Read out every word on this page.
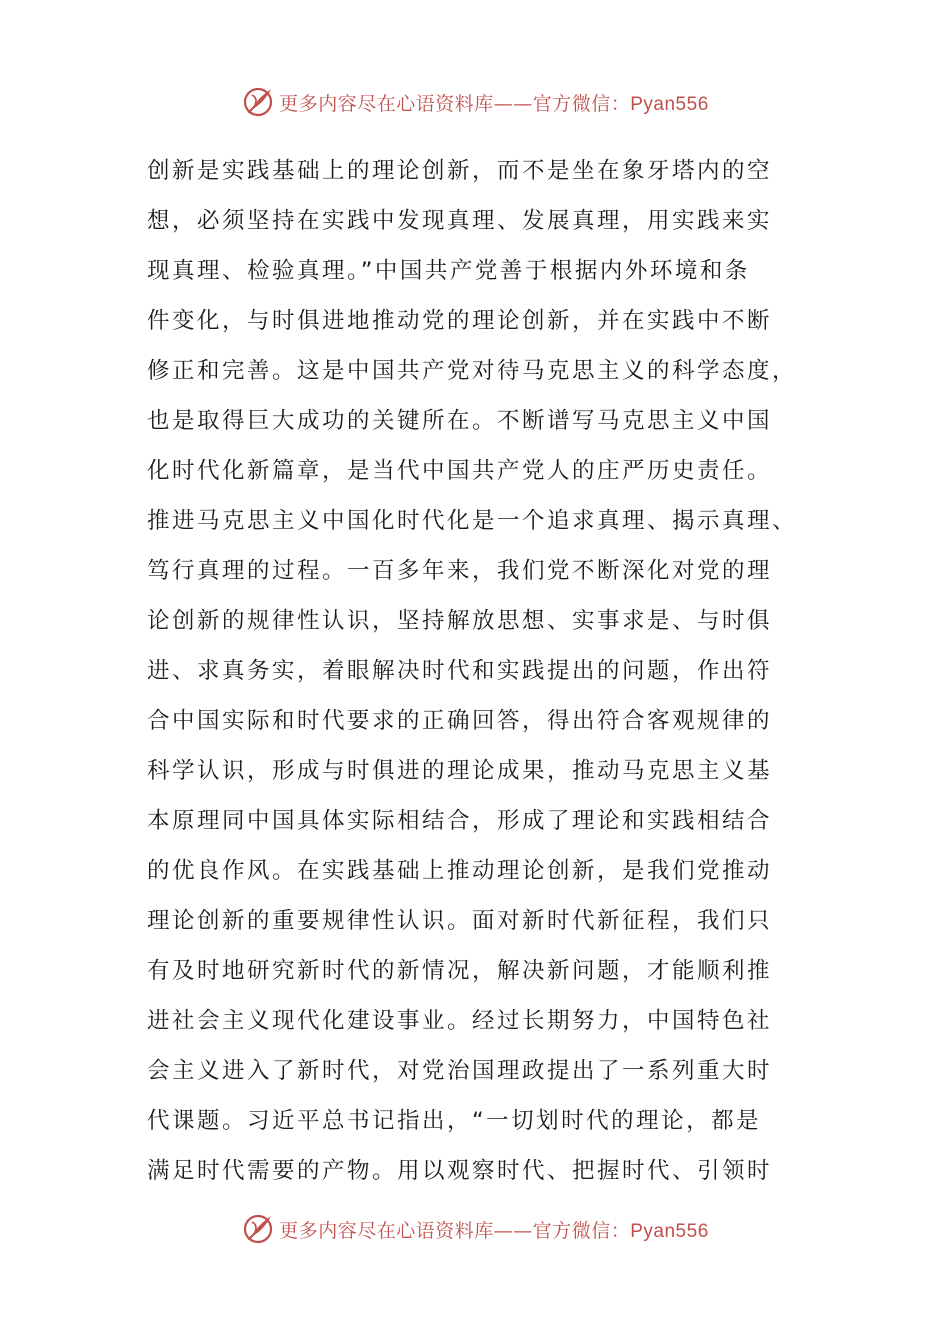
更多内容尽在心语资料库——官方微信：Pyan556
创新是实践基础上的理论创新，而不是坐在象牙塔内的空
想，必须坚持在实践中发现真理、发展真理，用实践来实
现真理、检验真理。”中国共产党善于根据内外环境和条
件变化，与时俱进地推动党的理论创新，并在实践中不断
修正和完善。这是中国共产党对待马克思主义的科学态度，
也是取得巨大成功的关键所在。不断谱写马克思主义中国
化时代化新篇章，是当代中国共产党人的庄严历史责任。
推进马克思主义中国化时代化是一个追求真理、揭示真理、
笃行真理的过程。一百多年来，我们党不断深化对党的理
论创新的规律性认识，坚持解放思想、实事求是、与时俱
进、求真务实，着眼解决时代和实践提出的问题，作出符
合中国实际和时代要求的正确回答，得出符合客观规律的
科学认识，形成与时俱进的理论成果，推动马克思主义基
本原理同中国具体实际相结合，形成了理论和实践相结合
的优良作风。在实践基础上推动理论创新，是我们党推动
理论创新的重要规律性认识。面对新时代新征程，我们只
有及时地研究新时代的新情况，解决新问题，才能顺利推
进社会主义现代化建设事业。经过长期努力，中国特色社
会主义进入了新时代，对党治国理政提出了一系列重大时
代课题。习近平总书记指出，“一切划时代的理论，都是
满足时代需要的产物。用以观察时代、把握时代、引领时
更多内容尽在心语资料库——官方微信：Pyan556
